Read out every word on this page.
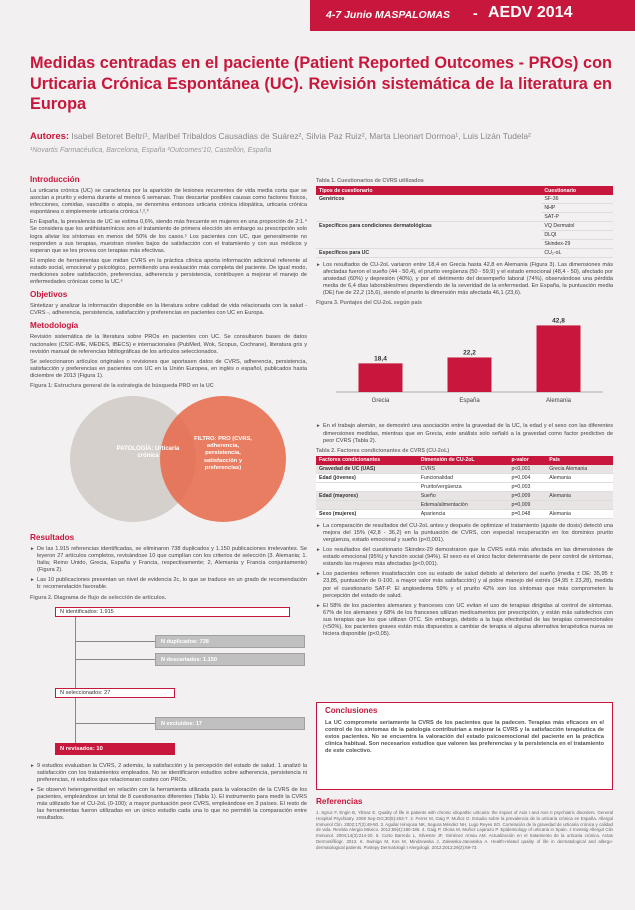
4-7 Junio MASPALOMAS - AEDV 2014
Medidas centradas en el paciente (Patient Reported Outcomes - PROs) con Urticaria Crónica Espontánea (UC). Revisión sistemática de la literatura en Europa
Autores: Isabel Betoret Beltrí¹, Maribel Tribaldos Causadias de Suárez², Silvia Paz Ruiz², Marta Lleonart Dormoa¹, Luis Lizán Tudela²
¹Novartis Farmacéutica, Barcelona, España ²Outcomes'10, Castellón, España
Introducción

La urticaria crónica (UC) se caracteriza por la aparición de lesiones recurrentes de vida media corta que se asocian a prurito y edema durante al menos 6 semanas. Tras descartar posibles causas como factores físicos, infecciones, comidas, vasculitis o atopia, se denomina entonces urticaria crónica idiopática, urticaria crónica espontánea o simplemente urticaria crónica.¹,²,³

En España, la prevalencia de UC se estima 0,6%, siendo más frecuente en mujeres en una proporción de 2:1.⁴ Se considera que los antihistamínicos son el tratamiento de primera elección sin embargo su prescripción solo logra aliviar los síntomas en menos del 50% de los casos.⁵ Los pacientes con UC, que generalmente no responden a sus terapias, muestran niveles bajos de satisfacción con el tratamiento y con sus médicos y esperan que se les provea con terapias más efectivas.

El empleo de herramientas que midan CVRS en la práctica clínica aporta información adicional referente al estado social, emocional y psicológico, permitiendo una evaluación más completa del paciente. De igual modo, mediciones sobre satisfacción, preferencias, adherencia y persistencia, contribuyen a mejorar el manejo de enfermedades crónicas como la UC.⁶

Objetivos

Sintetizar y analizar la información disponible en la literatura sobre calidad de vida relacionada con la salud - CVRS -, adherencia, persistencia, satisfacción y preferencias en pacientes con UC en Europa.

Metodología

Revisión sistemática de la literatura sobre PROs en pacientes con UC. Se consultaron bases de datos nacionales (CSIC-IME, MEDES, IBECS) e internacionales (PubMed, Wok, Scopus, Cochrane), literatura gris y revisión manual de referencias bibliográficas de los artículos seleccionados.

Se seleccionaron artículos originales o revisiones que aportasen datos de CVRS, adherencia, persistencia, satisfacción y preferencias en pacientes con UC en la Unión Europea, en inglés o español, publicados hasta diciembre de 2013 (Figura 1).

Figura 1: Estructura general de la estrategia de búsqueda PRO en la UC
PATOLOGÍA: Urticaria crónica
FILTRO: PRO (CVRS, adherencia, persistencia, satisfacción y preferencias)
Resultados
► De las 1.915 referencias identificadas, se eliminaron 738 duplicados y 1.150 publicaciones irrelevantes. Se leyeron 27 artículos completos, revisándose 10 que cumplían con los criterios de selección (3. Alemania; 1. Italia; Reino Unido, Grecia, España y Francia, respectivamente; 2, Alemania y Francia conjuntamente) (Figura 2).
► Las 10 publicaciones presentan un nivel de evidencia 2c, lo que se traduce en un grado de recomendación b: recomendación favorable.
Figura 2. Diagrama de flujo de selección de artículos.
N identificados: 1.915
N duplicados: 738
N descartados: 1.150
N seleccionados: 27
N excluidos: 17
N revisados: 10
► 9 estudios evaluaban la CVRS, 2 además, la satisfacción y la percepción del estado de salud. 1 analizó la satisfacción con los tratamientos empleados. No se identificaron estudios sobre adherencia, persistencia ni preferencias, ni estudios que relacionaran costes con PROs.
► Se observó heterogeneidad en relación con la herramienta utilizada para la valoración de la CVRS de los pacientes, empleándose un total de 8 cuestionarios diferentes (Tabla 1). El instrumento para medir la CVRS más utilizado fue el CU-2oL (0-100); a mayor puntuación peor CVRS, empleándose en 3 países. El resto de las herramientas fueron utilizadas en un único estudio cada una lo que no permitió la comparación entre resultados.
Tabla 1. Cuestionarios de CVRS utilizados
Tipos de cuestionario	Cuestionario
Genéricos	SF-36
	NHP
	SAT-P
Específicos para condiciones dermatológicas	VQ Dermatol
	DLQI
	Skindex-29
Específicos para UC	CU₂-oL
► Los resultados de CU-2oL variaron entre 18,4 en Grecia hasta 42,8 en Alemania (Figura 3). Las dimensiones más afectadas fueron el sueño (44 - 50,4), el prurito vergüenza (50 - 59,9) y el estado emocional (48,4 - 50), afectado por ansiedad (60%) y depresión (40%), y por el detrimento del desempeño laboral (74%), observándose una pérdida media de 6,4 días laborables/mes dependiendo de la severidad de la enfermedad. En España, la puntuación media (DE) fue de 22,2 (15,6), siendo el prurito la dimensión más afectada 46,1 (23,6).
Figura 3. Puntajes del CU-2oL según país
18,4
Grecia
22,2
España
42,8
Alemania
► En el trabajo alemán, se demostró una asociación entre la gravedad de la UC, la edad y el sexo con las diferentes dimensiones medidas, mientras que en Grecia, este análisis solo señaló a la gravedad como factor predictivo de peor CVRS (Tabla 2).
Tabla 2. Factores condicionantes de CVRS (CU-2oL)
Factores condicionantes	Dimensión de CU-2oL	p-valor	País
Gravedad de UC (UAS)	CVRS	p<0,001	Grecia Alemania
Edad (jóvenes)	Funcionalidad	p=0,004	Alemania
	Prurito/vergüenza	p=0,003	
Edad (mayores)	Sueño	p=0,009	Alemania
	Edema/alimentación	p=0,009	
Sexo (mujeres)	Apariencia	p=0,048	Alemania
► La comparación de resultados del CU-2oL antes y después de optimizar el tratamiento (ajuste de dosis) detectó una mejora del 15% (42,8 - 36,2) en la puntuación de CVRS, con especial recuperación en los dominios prurito vergüenza, estado emocional y sueño (p<0,001).
► Los resultados del cuestionario Skindex-29 demostraron que la CVRS está más afectada en las dimensiones de estado emocional (95%) y función social (94%). El sexo es el único factor determinante de peor control de síntomas, estando las mujeres más afectadas (p<0,001).
► Los pacientes refieren insatisfacción con su estado de salud debido al deterioro del sueño (media ± DE: 35,95 ± 23,85, puntuación de 0-100, a mayor valor más satisfacción) y al pobre manejo del estrés (34,95 ± 23,28), medida por el cuestionario SAT-P. El angioedema 59% y el prurito 42% son los síntomas que más comprometen la percepción del estado de salud.
► El 58% de los pacientes alemanes y franceses con UC evitan el uso de terapias dirigidas al control de síntomas. 67% de los alemanes y 68% de los franceses utilizan medicamentos por prescripción, y están más satisfechos con sus terapias que los que utilizan OTC. Sin embargo, debido a la baja efectividad de las terapias convencionales (<50%), los pacientes graves están más dispuestos a cambiar de terapia si alguna alternativa terapéutica nueva se hiciera disponible (p<0,05).
Conclusiones
La UC compromete seriamente la CVRS de los pacientes que la padecen. Terapias más eficaces en el control de los síntomas de la patología contribuirían a mejorar la CVRS y la satisfacción terapéutica de estos pacientes. No se encuentra la valoración del estado psicoemocional del paciente en la práctica clínica habitual. Son necesarios estudios que valoren las preferencias y la persistencia en el tratamiento de este colectivo.
Referencias

1. Sgruz F, Engin B, Yilmaz E. Quality of life in patients with chronic idiopathic urticaria: the impact of Axis I and Axis II psychiatric disorders. General Hospital Psychiatry. 2008 Sep-Oct;30(5):453-7. 2. Ferrer M, Gaig P, Muñoz D. Estudio sobre la prevalencia de la urticaria crónica en España. Allergol Immunol Clin. 2002;17(2):49-50. 3. Aguilar Hinojosa NK, Segura Méndez NH, Lugo Reyes SO. Correlación de la gravedad de urticaria crónica y calidad de vida. Revista Alergia México. 2012;59(4):180-186. 4. Gaig P, Olona M, Muñoz Lejarazu P. Epidemiology of urticaria in Spain. J Investig Allergol Clin Immunol. 2004;14(3):214-20. 5. Curto Barredo L, Silvestre JF, Giménez Arnau AM. Actualización en el tratamiento de la urticaria crónica. Actas Dermosifiliogr. 2013. 6. Swiniga M, Kos M, Mindzewska J, Zalewska-Janowska A. Health-related quality of life in dermatological and allergo-dermatological patients. Postepy Dermatologii I Alergologii. 2012;2012;29(2):69-73.
